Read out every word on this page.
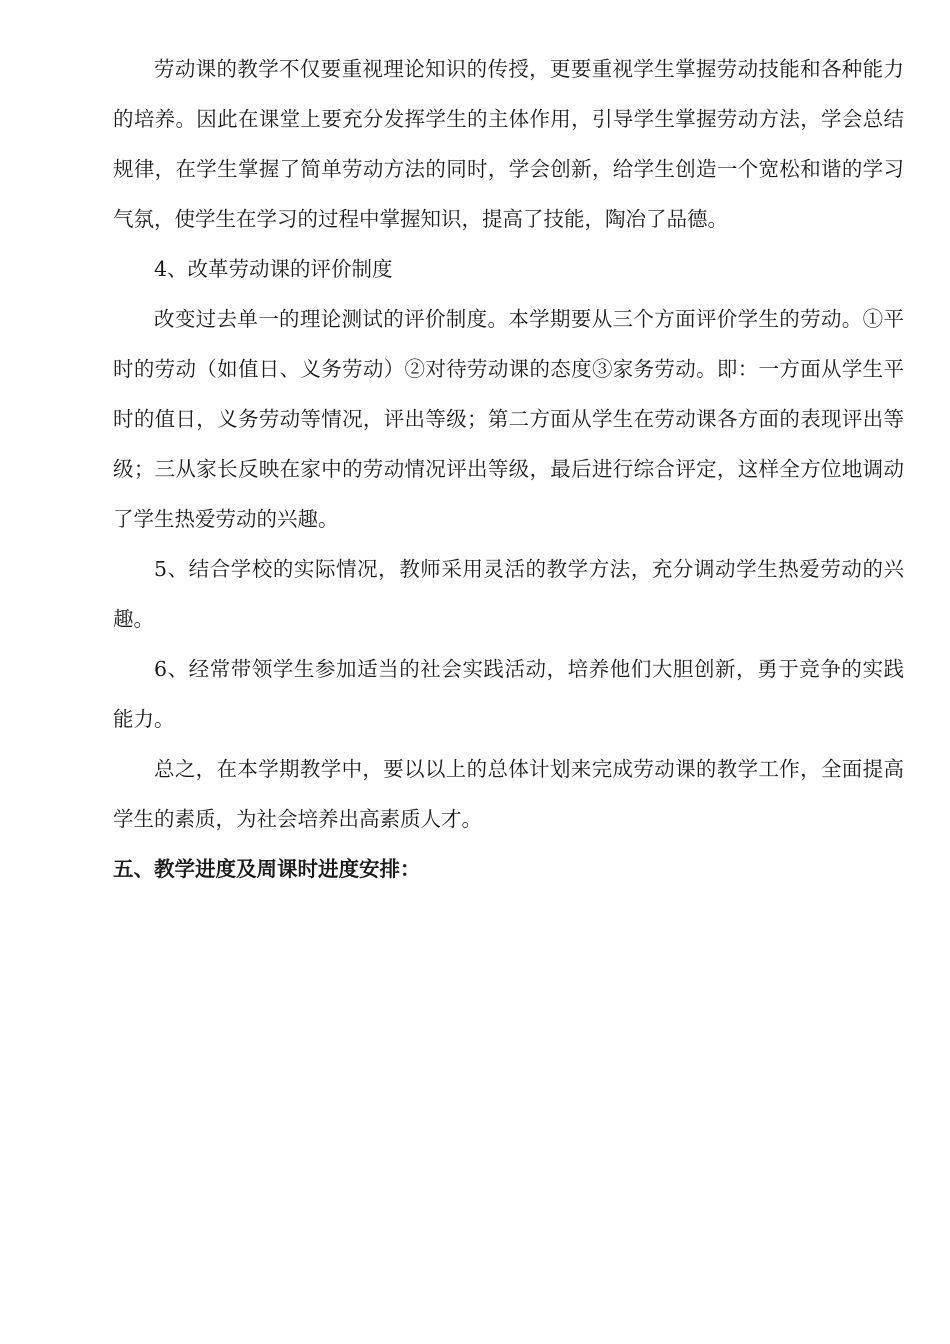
劳动课的教学不仅要重视理论知识的传授，更要重视学生掌握劳动技能和各种能力的培养。因此在课堂上要充分发挥学生的主体作用，引导学生掌握劳动方法，学会总结规律，在学生掌握了简单劳动方法的同时，学会创新，给学生创造一个宽松和谐的学习气氛，使学生在学习的过程中掌握知识，提高了技能，陶冶了品德。

4、改革劳动课的评价制度

改变过去单一的理论测试的评价制度。本学期要从三个方面评价学生的劳动。①平时的劳动（如值日、义务劳动）②对待劳动课的态度③家务劳动。即：一方面从学生平时的值日，义务劳动等情况，评出等级；第二方面从学生在劳动课各方面的表现评出等级；三从家长反映在家中的劳动情况评出等级，最后进行综合评定，这样全方位地调动了学生热爱劳动的兴趣。

5、结合学校的实际情况，教师采用灵活的教学方法，充分调动学生热爱劳动的兴趣。

6、经常带领学生参加适当的社会实践活动，培养他们大胆创新，勇于竞争的实践能力。

总之，在本学期教学中，要以以上的总体计划来完成劳动课的教学工作，全面提高学生的素质，为社会培养出高素质人才。

五、教学进度及周课时进度安排：
